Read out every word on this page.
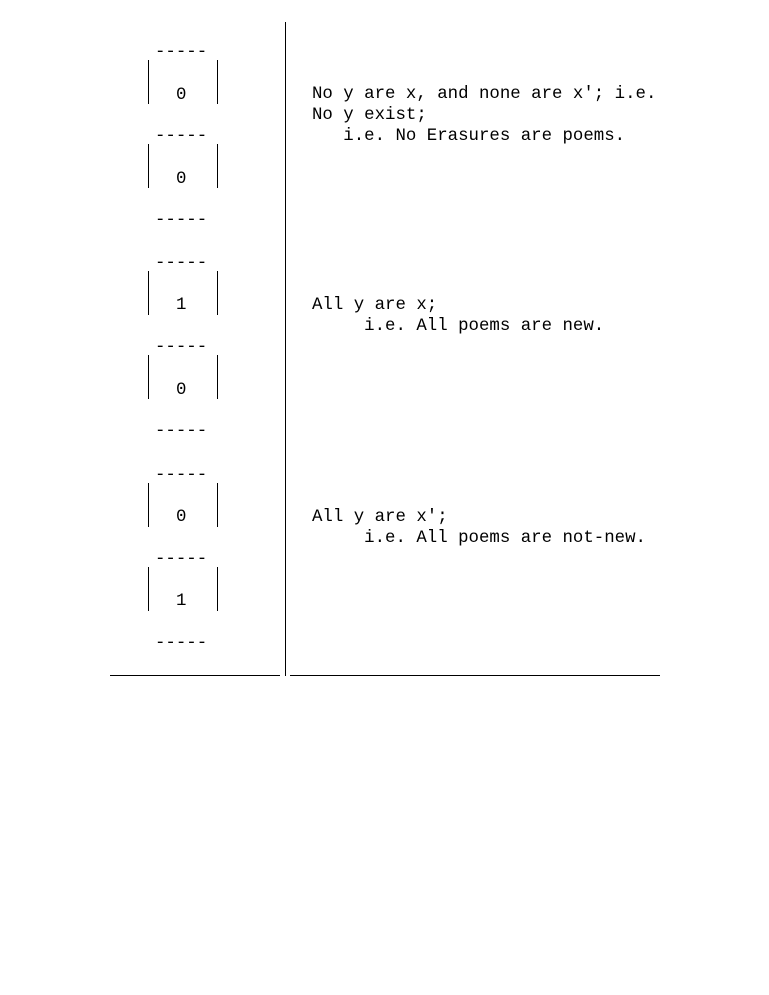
-----
0
-----
0
-----
No y are x, and none are x'; i.e.
No y exist;
i.e. No Erasures are poems.
-----
1
-----
0
-----
All y are x;
i.e. All poems are new.
-----
0
-----
1
-----
All y are x';
i.e. All poems are not-new.
